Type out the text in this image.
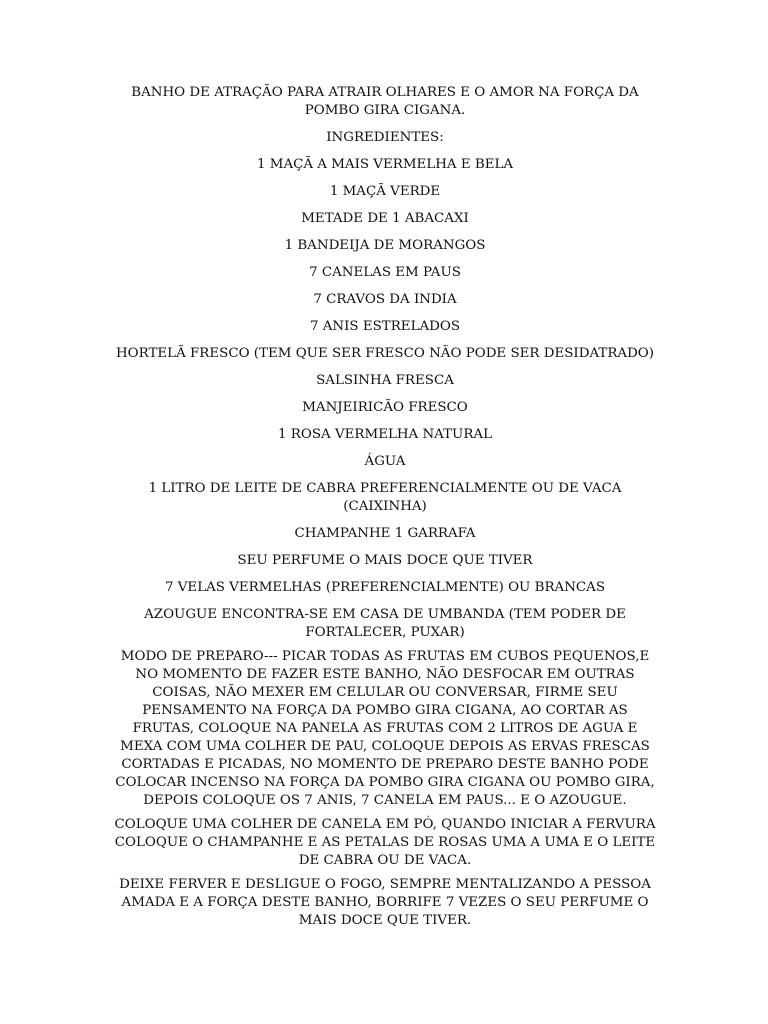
BANHO DE ATRAÇÃO PARA ATRAIR OLHARES E O AMOR NA FORÇA DA POMBO GIRA CIGANA.

INGREDIENTES:

1 MAÇÃ A MAIS VERMELHA E BELA

1 MAÇÃ VERDE

METADE DE 1 ABACAXI

1 BANDEIJA DE MORANGOS

7 CANELAS EM PAUS

7 CRAVOS DA INDIA

7 ANIS ESTRELADOS

HORTELÃ FRESCO (TEM QUE SER FRESCO NÃO PODE SER DESIDATRADO)

SALSINHA FRESCA

MANJEIRICÃO FRESCO

1 ROSA VERMELHA NATURAL

ÁGUA

1 LITRO DE LEITE DE CABRA PREFERENCIALMENTE OU DE VACA (CAIXINHA)

CHAMPANHE 1 GARRAFA

SEU PERFUME O MAIS DOCE QUE TIVER

7 VELAS VERMELHAS (PREFERENCIALMENTE) OU BRANCAS

AZOUGUE ENCONTRA-SE EM CASA DE UMBANDA (TEM PODER DE FORTALECER, PUXAR)

MODO DE PREPARO--- PICAR TODAS AS FRUTAS EM CUBOS PEQUENOS,E NO MOMENTO DE FAZER ESTE BANHO, NÃO DESFOCAR EM OUTRAS COISAS, NÃO MEXER EM CELULAR OU CONVERSAR, FIRME SEU PENSAMENTO NA FORÇA DA POMBO GIRA CIGANA, AO CORTAR AS FRUTAS, COLOQUE NA PANELA AS FRUTAS COM 2 LITROS DE AGUA E MEXA COM UMA COLHER DE PAU, COLOQUE DEPOIS AS ERVAS FRESCAS CORTADAS E PICADAS, NO MOMENTO DE PREPARO DESTE BANHO PODE COLOCAR INCENSO NA FORÇA DA POMBO GIRA CIGANA OU POMBO GIRA, DEPOIS COLOQUE OS 7 ANIS, 7 CANELA EM PAUS... E O AZOUGUE.

COLOQUE UMA COLHER DE CANELA EM PÓ, QUANDO INICIAR A FERVURA COLOQUE O CHAMPANHE E AS PETALAS DE ROSAS UMA A UMA E O LEITE DE CABRA OU DE VACA.

DEIXE FERVER E DESLIGUE O FOGO, SEMPRE MENTALIZANDO A PESSOA AMADA E A FORÇA DESTE BANHO, BORRIFE 7 VEZES O SEU PERFUME O MAIS DOCE QUE TIVER.
